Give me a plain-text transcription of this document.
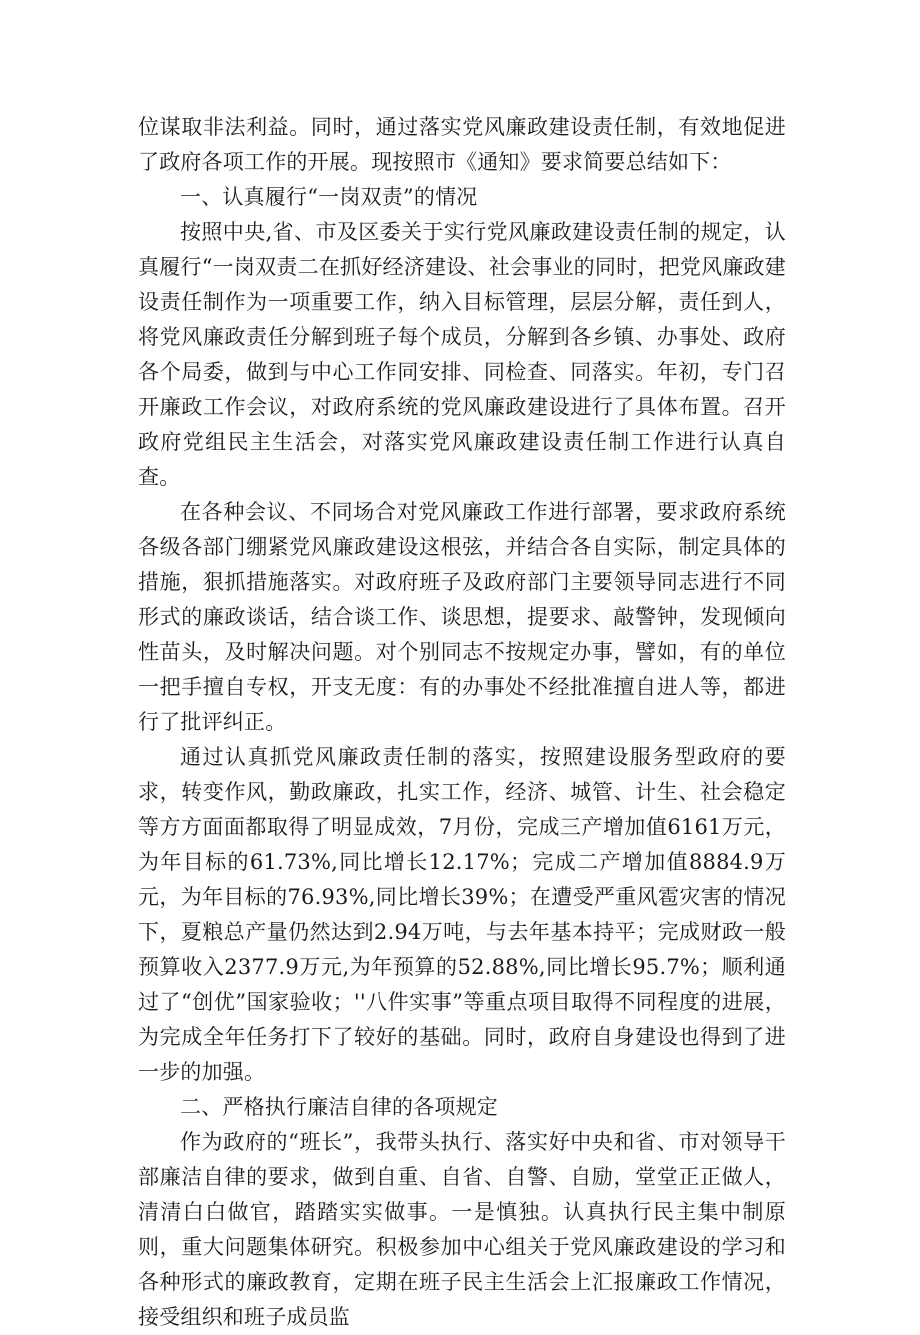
位谋取非法利益。同时，通过落实党风廉政建设责任制，有效地促进了政府各项工作的开展。现按照市《通知》要求简要总结如下：

一、认真履行“一岗双责”的情况

按照中央,省、市及区委关于实行党风廉政建设责任制的规定，认真履行“一岗双责二在抓好经济建设、社会事业的同时，把党风廉政建设责任制作为一项重要工作，纳入目标管理，层层分解，责任到人，将党风廉政责任分解到班子每个成员，分解到各乡镇、办事处、政府各个局委，做到与中心工作同安排、同检查、同落实。年初，专门召开廉政工作会议，对政府系统的党风廉政建设进行了具体布置。召开政府党组民主生活会，对落实党风廉政建设责任制工作进行认真自查。

在各种会议、不同场合对党风廉政工作进行部署，要求政府系统各级各部门绷紧党风廉政建设这根弦，并结合各自实际，制定具体的措施，狠抓措施落实。对政府班子及政府部门主要领导同志进行不同形式的廉政谈话，结合谈工作、谈思想，提要求、敲警钟，发现倾向性苗头，及时解决问题。对个别同志不按规定办事，譬如，有的单位一把手擅自专权，开支无度：有的办事处不经批准擅自进人等，都进行了批评纠正。

通过认真抓党风廉政责任制的落实，按照建设服务型政府的要求，转变作风，勤政廉政，扎实工作，经济、城管、计生、社会稳定等方方面面都取得了明显成效，7月份，完成三产增加值6161万元，为年目标的61.73%,同比增长12.17%；完成二产增加值8884.9万元，为年目标的76.93%,同比增长39%；在遭受严重风雹灾害的情况下，夏粮总产量仍然达到2.94万吨，与去年基本持平；完成财政一般预算收入2377.9万元,为年预算的52.88%,同比增长95.7%；顺利通过了“创优”国家验收；''八件实事”等重点项目取得不同程度的进展，为完成全年任务打下了较好的基础。同时，政府自身建设也得到了进一步的加强。

二、严格执行廉洁自律的各项规定

作为政府的“班长”，我带头执行、落实好中央和省、市对领导干部廉洁自律的要求，做到自重、自省、自警、自励，堂堂正正做人，清清白白做官，踏踏实实做事。一是慎独。认真执行民主集中制原则，重大问题集体研究。积极参加中心组关于党风廉政建设的学习和各种形式的廉政教育，定期在班子民主生活会上汇报廉政工作情况，接受组织和班子成员监
